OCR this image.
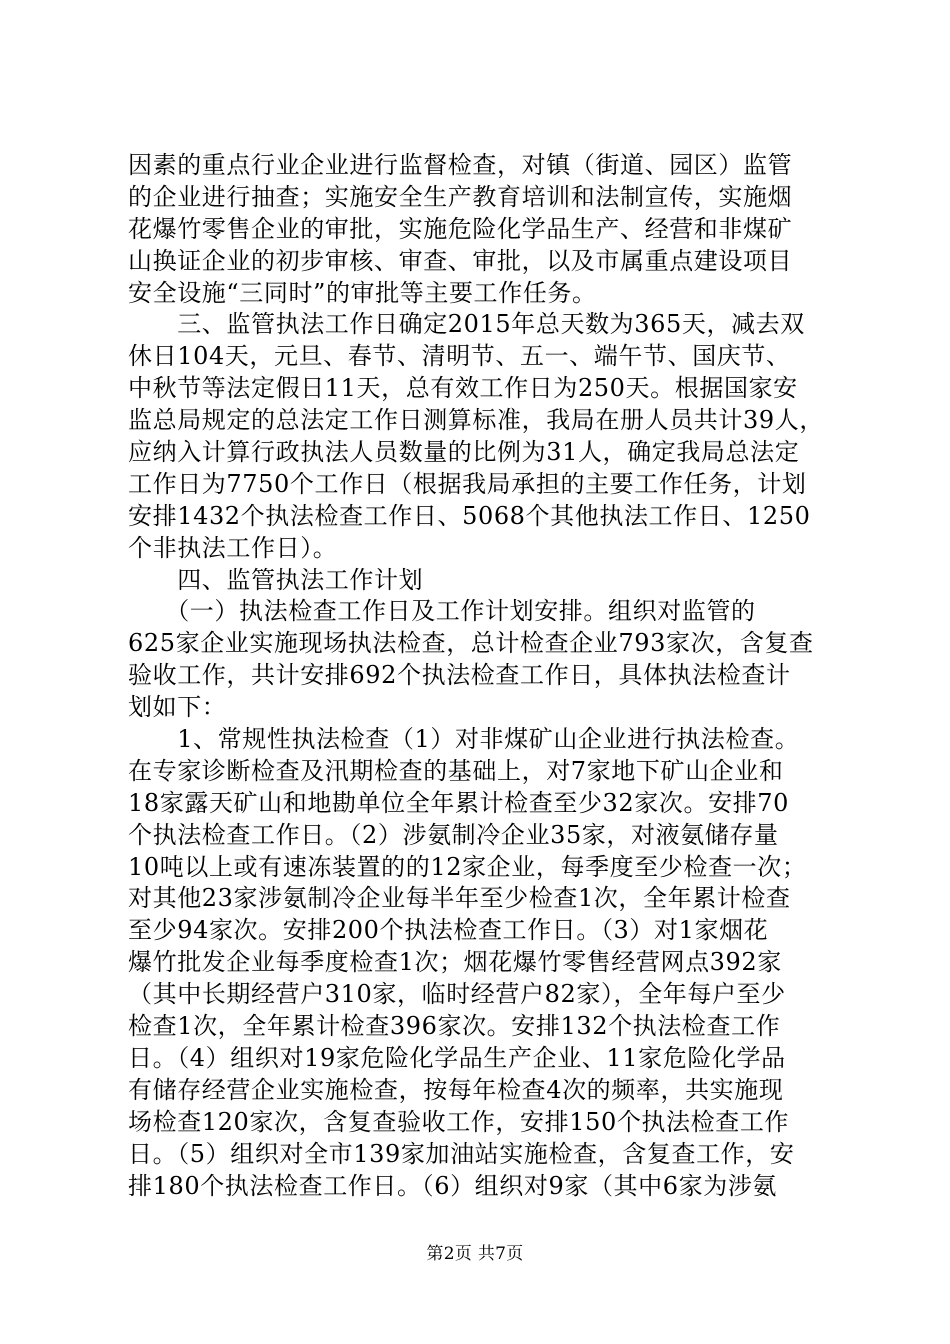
因素的重点行业企业进行监督检查，对镇（街道、园区）监管
的企业进行抽查；实施安全生产教育培训和法制宣传，实施烟
花爆竹零售企业的审批，实施危险化学品生产、经营和非煤矿
山换证企业的初步审核、审查、审批，以及市属重点建设项目
安全设施“三同时”的审批等主要工作任务。
　　三、监管执法工作日确定2015年总天数为365天，减去双
休日104天，元旦、春节、清明节、五一、端午节、国庆节、
中秋节等法定假日11天，总有效工作日为250天。根据国家安
监总局规定的总法定工作日测算标准，我局在册人员共计39人，
应纳入计算行政执法人员数量的比例为31人，确定我局总法定
工作日为7750个工作日（根据我局承担的主要工作任务，计划
安排1432个执法检查工作日、5068个其他执法工作日、1250
个非执法工作日）。
　　四、监管执法工作计划
　　（一）执法检查工作日及工作计划安排。组织对监管的
625家企业实施现场执法检查，总计检查企业793家次，含复查
验收工作，共计安排692个执法检查工作日，具体执法检查计
划如下：
　　1、常规性执法检查（1）对非煤矿山企业进行执法检查。
在专家诊断检查及汛期检查的基础上，对7家地下矿山企业和
18家露天矿山和地勘单位全年累计检查至少32家次。安排70
个执法检查工作日。（2）涉氨制冷企业35家，对液氨储存量
10吨以上或有速冻装置的的12家企业，每季度至少检查一次；
对其他23家涉氨制冷企业每半年至少检查1次，全年累计检查
至少94家次。安排200个执法检查工作日。（3）对1家烟花
爆竹批发企业每季度检查1次；烟花爆竹零售经营网点392家
（其中长期经营户310家，临时经营户82家），全年每户至少
检查1次，全年累计检查396家次。安排132个执法检查工作
日。（4）组织对19家危险化学品生产企业、11家危险化学品
有储存经营企业实施检查，按每年检查4次的频率，共实施现
场检查120家次，含复查验收工作，安排150个执法检查工作
日。（5）组织对全市139家加油站实施检查，含复查工作，安
排180个执法检查工作日。（6）组织对9家（其中6家为涉氨
第2页 共7页
